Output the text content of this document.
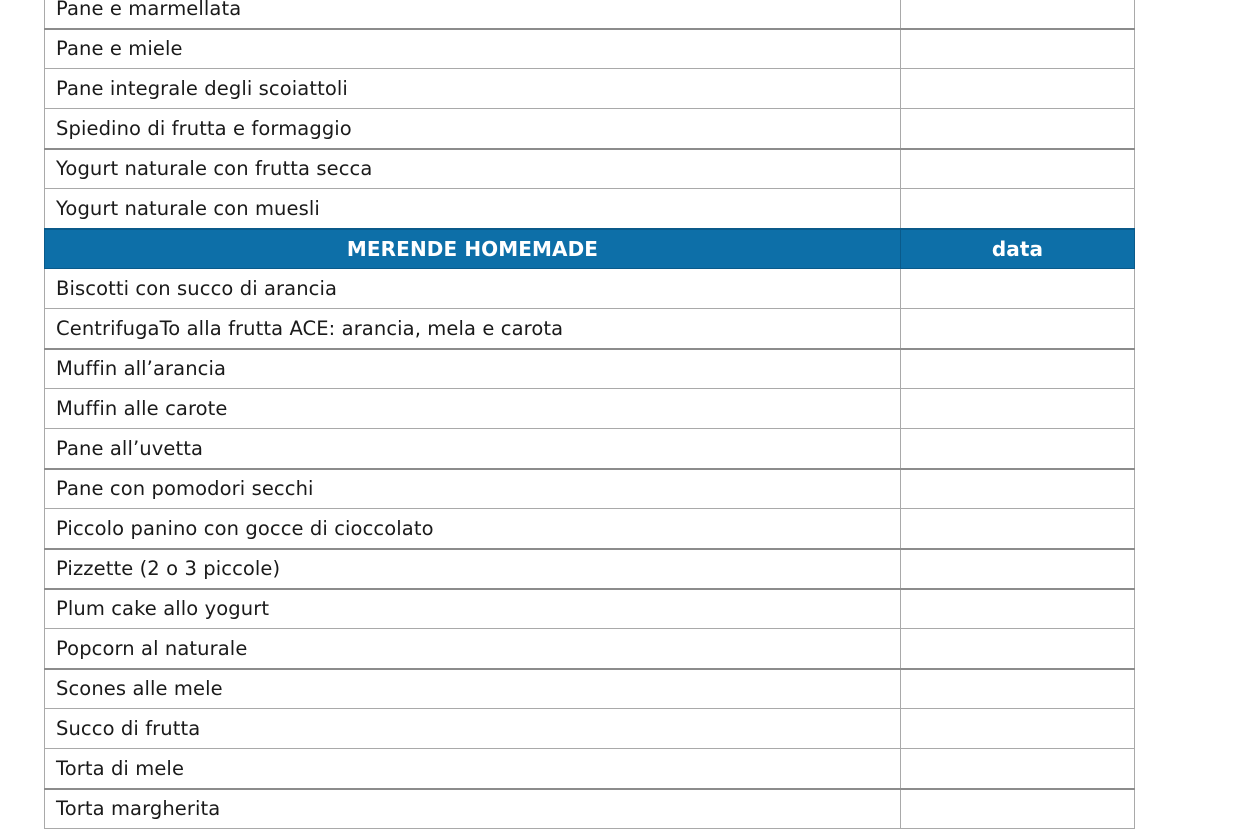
Pane e marmellata	
Pane e miele	
Pane integrale degli scoiattoli	
Spiedino di frutta e formaggio	
Yogurt naturale con frutta secca	
Yogurt naturale con muesli	
MERENDE HOMEMADE	data
Biscotti con succo di arancia	
CentrifugaTo alla frutta ACE: arancia, mela e carota	
Muffin all’arancia	
Muffin alle carote	
Pane all’uvetta	
Pane con pomodori secchi	
Piccolo panino con gocce di cioccolato	
Pizzette (2 o 3 piccole)	
Plum cake allo yogurt	
Popcorn al naturale	
Scones alle mele	
Succo di frutta	
Torta di mele	
Torta margherita	
